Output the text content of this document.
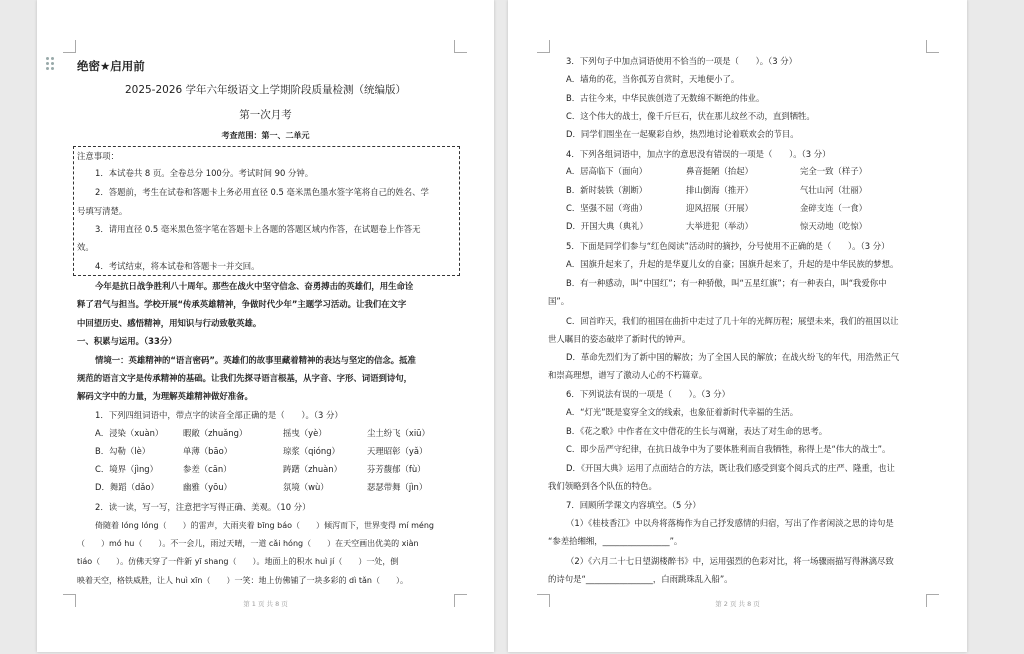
绝密★启用前
2025-2026 学年六年级语文上学期阶段质量检测（统编版）
第一次月考
考查范围：第一、二单元
注意事项：
1．本试卷共 8 页。全卷总分 100分。考试时间 90 分钟。
2．答题前，考生在试卷和答题卡上务必用直径 0.5 毫米黑色墨水签字笔将自己的姓名、学
号填写清楚。
3．请用直径 0.5 毫米黑色签字笔在答题卡上各题的答题区域内作答，在试题卷上作答无
效。
4．考试结束，将本试卷和答题卡一并交回。
今年是抗日战争胜利八十周年。那些在战火中坚守信念、奋勇搏击的英雄们，用生命诠
释了君气与担当。学校开展“传承英雄精神，争做时代少年”主题学习活动。让我们在文字
中回望历史、感悟精神，用知识与行动致敬英雄。
一、积累与运用。（33分）
情境一：英雄精神的“语言密码”。英雄们的故事里藏着精神的表达与坚定的信念。抵准
规范的语言文字是传承精神的基础。让我们先探寻语言根基，从字音、字形、词语到诗句，
解码文字中的力量，为理解英雄精神做好准备。
1．下列四组词语中，带点字的读音全部正确的是（　　）。（3 分）
A．浸染（xuàn） 暇敞（zhuǎng）	摇曳（yè）	尘土纷飞（xiū）
B．勾勒（lè）	单薄（bāo）	琼浆（qióng）	天理昭彰（yǎ）
C．境界（jìng）	参差（cān）	踌躇（zhuàn）	芬芳馥郁（fù）
D．舞蹈（dǎo）	幽雅（yōu）	氛境（wù）	瑟瑟带舞（jìn）
2．读一读，写一写，注意把字写得正确、美观。（10 分）
倚随着 lóng lóng（　　）的雷声，大雨夹着 bīng báo（　　）倾泻而下，世界变得 mí méng
（　　）mó hu（　　）。不一会儿，雨过天晴，一道 cǎi hóng（　　）在天空画出优美的 xiàn
tiáo（　　）。仿佛天穿了一件新 yī shang（　　）。地面上的积水 huì jí（　　）一处，倒
映着天空，格铁威胜，让人 huì xīn（　　）一笑：地上仿佛铺了一块多彩的 dì tǎn（　　）。
第 1 页 共 8 页
3．下列句子中加点词语使用不恰当的一项是（　　）。（3 分）
A．墙角的花，当你孤芳自赏时，天地便小了。
B．古往今来，中华民族创造了无数绵不断绝的伟业。
C．这个伟大的战士，像千斤巨石，伏在那儿纹丝不动，直到牺牲。
D．同学们围坐在一起聚彩自炒，热烈地讨论着联欢会的节目。
4．下列各组词语中，加点字的意思没有错误的一项是（　　）。（3 分）
A．居高临下（面向）	鼻音挺陋（抬起）	完全一致（样子）
B．新时装铁（割断）	排山倒海（推开）	气壮山河（壮丽）
C．坚强不屈（弯曲）	迎风招展（开展）	金碎支连（一食）
D．开国大典（典礼）	大举进犯（举动）	惊天动地（吃惊）
5．下面是同学们参与“红色阅读”活动时的摘抄，分号使用不正确的是（　　）。（3 分）
A．国旗升起来了，升起的是华夏儿女的自豪；国旗升起来了，升起的是中华民族的梦想。
B．有一种感动，叫“中国红”；有一种骄傲，叫“五星红旗”；有一种表白，叫“我爱你中
国”。
C．回首昨天，我们的祖国在曲折中走过了几十年的光辉历程；展望未来，我们的祖国以让
世人瞩目的姿态破岸了新时代的钟声。
D．革命先烈们为了新中国的解放；为了全国人民的解放；在战火纷飞的年代，用浩然正气
和崇高理想，谱写了激动人心的不朽篇章。
6．下列说法有误的一项是（　　）。（3 分）
A．“灯光”既是宴穿全文的线索，也象征着新时代幸福的生活。
B．《花之歌》中作者在文中借花的生长与凋谢，表达了对生命的思考。
C．即少岳严守纪律，在抗日战争中为了要体胜利而自我牺牲，称得上是“伟大的战士”。
D．《开国大典》运用了点面结合的方法，既让我们感受到宴个阅兵式的庄严、隆重，也让
我们领略到各个队伍的特色。
7．回顾所学课文内容填空。（5 分）
（1）《桂枝香江》中以舟将落梅作为自己抒发感情的归宿，写出了作者闲淡之思的诗句是
“参差拾缃缃，________________”。
（2）《六月二十七日望湖楼醉书》中，运用强烈的色彩对比，将一场骤雨描写得淋漓尽致
的诗句是“________________，白雨跳珠乱入船”。
第 2 页 共 8 页
